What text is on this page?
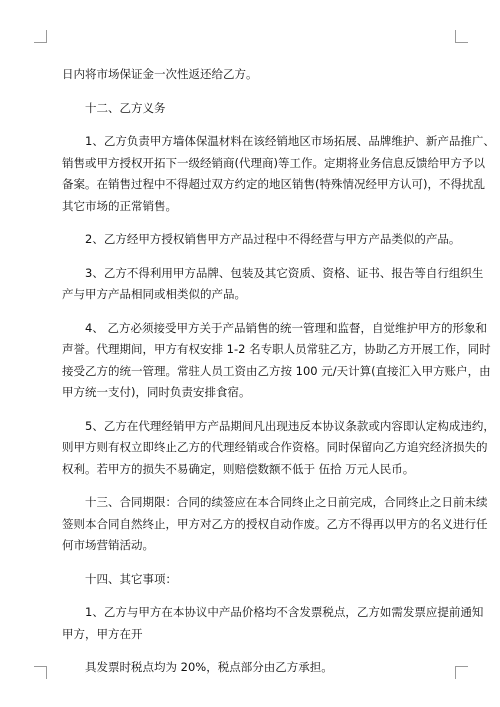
日内将市场保证金一次性返还给乙方。
十二、乙方义务
1、乙方负责甲方墙体保温材料在该经销地区市场拓展、品牌维护、新产品推广、
销售或甲方授权开拓下一级经销商(代理商)等工作。定期将业务信息反馈给甲方予以
备案。在销售过程中不得超过双方约定的地区销售(特殊情况经甲方认可)，不得扰乱
其它市场的正常销售。
2、乙方经甲方授权销售甲方产品过程中不得经营与甲方产品类似的产品。
3、乙方不得利用甲方品牌、包装及其它资质、资格、证书、报告等自行组织生
产与甲方产品相同或相类似的产品。
4、 乙方必须接受甲方关于产品销售的统一管理和监督，自觉维护甲方的形象和
声誉。代理期间，甲方有权安排 1-2 名专职人员常驻乙方，协助乙方开展工作，同时
接受乙方的统一管理。常驻人员工资由乙方按 100 元/天计算(直接汇入甲方账户，由
甲方统一支付)，同时负责安排食宿。
5、乙方在代理经销甲方产品期间凡出现违反本协议条款或内容即认定构成违约，
则甲方则有权立即终止乙方的代理经销或合作资格。同时保留向乙方追究经济损失的
权利。若甲方的损失不易确定，则赔偿数额不低于 伍拾 万元人民币。
十三、合同期限：合同的续签应在本合同终止之日前完成，合同终止之日前未续
签则本合同自然终止，甲方对乙方的授权自动作废。乙方不得再以甲方的名义进行任
何市场营销活动。
十四、其它事项：
1、乙方与甲方在本协议中产品价格均不含发票税点，乙方如需发票应提前通知
甲方，甲方在开
具发票时税点均为 20%，税点部分由乙方承担。
